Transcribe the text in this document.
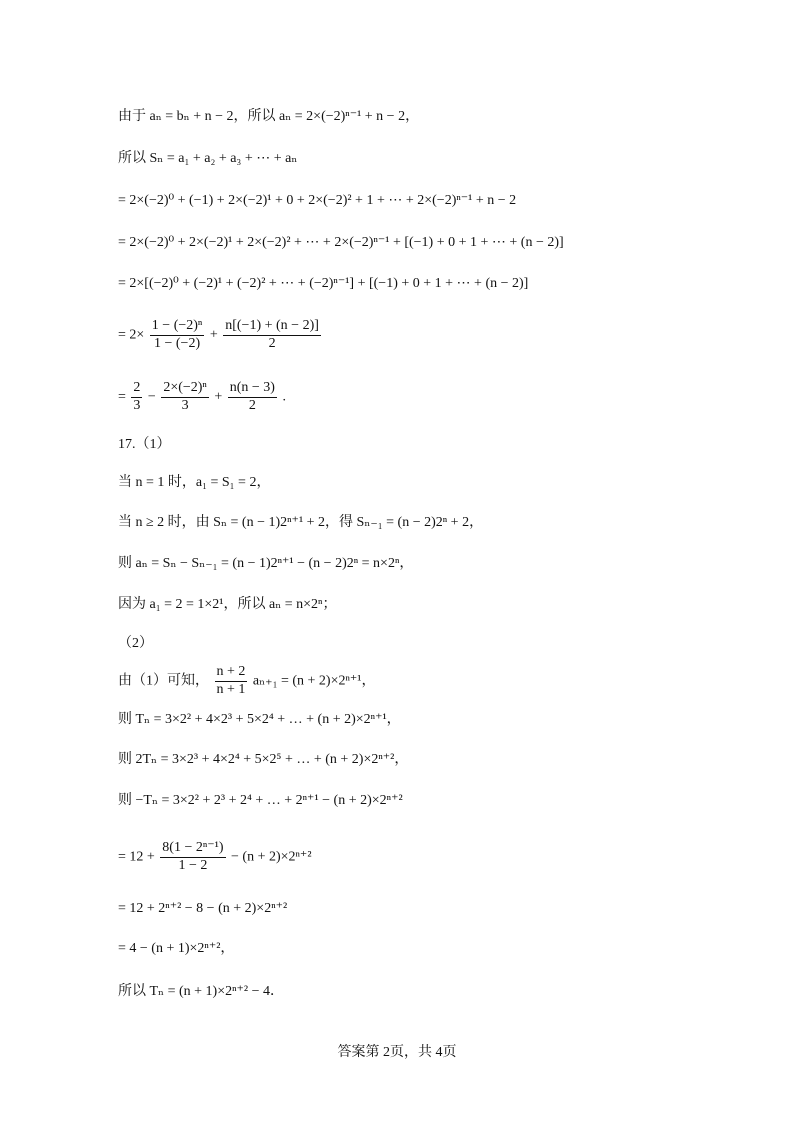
由于 aₙ = bₙ + n − 2，所以 aₙ = 2×(−2)ⁿ⁻¹ + n − 2，
所以 Sₙ = a₁ + a₂ + a₃ + ⋯ + aₙ
= 2×(−2)⁰ + (−1) + 2×(−2)¹ + 0 + 2×(−2)² + 1 + ⋯ + 2×(−2)ⁿ⁻¹ + n − 2
= 2×(−2)⁰ + 2×(−2)¹ + 2×(−2)² + ⋯ + 2×(−2)ⁿ⁻¹ + [(−1) + 0 + 1 + ⋯ + (n − 2)]
= 2×[(−2)⁰ + (−2)¹ + (−2)² + ⋯ + (−2)ⁿ⁻¹] + [(−1) + 0 + 1 + ⋯ + (n − 2)]
= $2\times \frac{\text{1 − (−2)ⁿ}}{1 - (-2)} + \frac{n[(-1) + (n - 2)]}{2}$
= $\frac{2}{3} - \frac{\text{2×(−2)ⁿ}}{3} + \frac{n(n - 3)}{2}$ .
17.（1）
当 n = 1 时，a₁ = S₁ = 2，
当 n ≥ 2 时，由 Sₙ = (n − 1)2ⁿ⁺¹ + 2，得 Sₙ₋₁ = (n − 2)2ⁿ + 2，
则 aₙ = Sₙ − Sₙ₋₁ = (n − 1)2ⁿ⁺¹ − (n − 2)2ⁿ = n×2ⁿ，
因为 a₁ = 2 = 1×2¹，所以 aₙ = n×2ⁿ；
（2）
由（1）可知， $\frac{n + 2}{n + 1} a_{n+1} = (n + 2)\times 2^{n+1}$，
则 Tₙ = 3×2² + 4×2³ + 5×2⁴ + … + (n + 2)×2ⁿ⁺¹，
则 2Tₙ = 3×2³ + 4×2⁴ + 5×2⁵ + … + (n + 2)×2ⁿ⁺²，
则 −Tₙ = 3×2² + 2³ + 2⁴ + … + 2ⁿ⁺¹ − (n + 2)×2ⁿ⁺²
= $12 + \frac{\text{8(1 − 2ⁿ⁻¹)}}{1 - 2} - (n + 2)\times 2^{n+2}$
= 12 + 2ⁿ⁺² − 8 − (n + 2)×2ⁿ⁺²
= 4 − (n + 1)×2ⁿ⁺²，
所以 Tₙ = (n + 1)×2ⁿ⁺² − 4．
答案第 2页，共 4页
